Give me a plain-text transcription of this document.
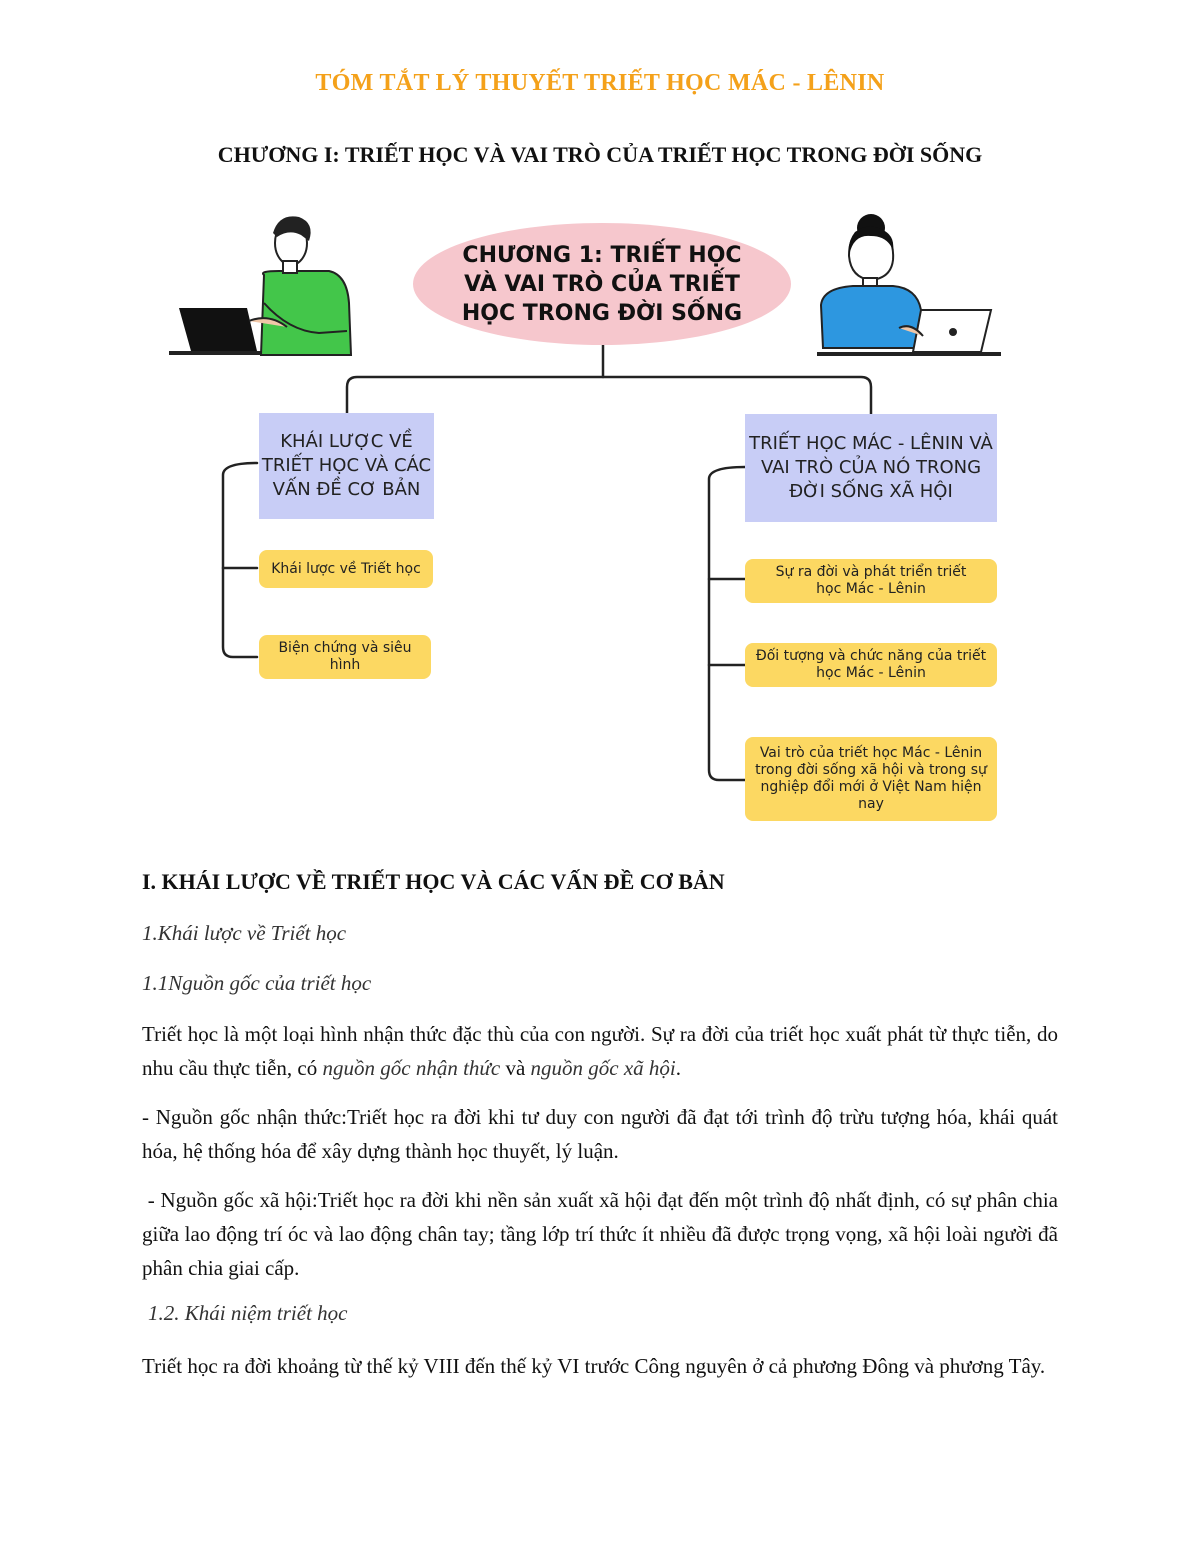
TÓM TẮT LÝ THUYẾT TRIẾT HỌC MÁC - LÊNIN
CHƯƠNG I: TRIẾT HỌC VÀ VAI TRÒ CỦA TRIẾT HỌC TRONG ĐỜI SỐNG
CHƯƠNG 1: TRIẾT HỌC VÀ VAI TRÒ CỦA TRIẾT HỌC TRONG ĐỜI SỐNG
KHÁI LƯỢC VỀ TRIẾT HỌC VÀ CÁC VẤN ĐỀ CƠ BẢN
Khái lược về Triết học
Biện chứng và siêu hình
TRIẾT HỌC MÁC - LÊNIN VÀ VAI TRÒ CỦA NÓ TRONG ĐỜI SỐNG XÃ HỘI
Sự ra đời và phát triển triết học Mác - Lênin
Đối tượng và chức năng của triết học Mác - Lênin
Vai trò của triết học Mác - Lênin trong đời sống xã hội và trong sự nghiệp đổi mới ở Việt Nam hiện nay
I. KHÁI LƯỢC VỀ TRIẾT HỌC VÀ CÁC VẤN ĐỀ CƠ BẢN
1.Khái lược về Triết học
1.1Nguồn gốc của triết học
Triết học là một loại hình nhận thức đặc thù của con người. Sự ra đời của triết học xuất phát từ thực tiễn, do nhu cầu thực tiễn, có nguồn gốc nhận thức và nguồn gốc xã hội.
- Nguồn gốc nhận thức:Triết học ra đời khi tư duy con người đã đạt tới trình độ trừu tượng hóa, khái quát hóa, hệ thống hóa để xây dựng thành học thuyết, lý luận.
- Nguồn gốc xã hội:Triết học ra đời khi nền sản xuất xã hội đạt đến một trình độ nhất định, có sự phân chia giữa lao động trí óc và lao động chân tay; tầng lớp trí thức ít nhiều đã được trọng vọng, xã hội loài người đã phân chia giai cấp.
1.2. Khái niệm triết học
Triết học ra đời khoảng từ thế kỷ VIII đến thế kỷ VI trước Công nguyên ở cả phương Đông và phương Tây.
